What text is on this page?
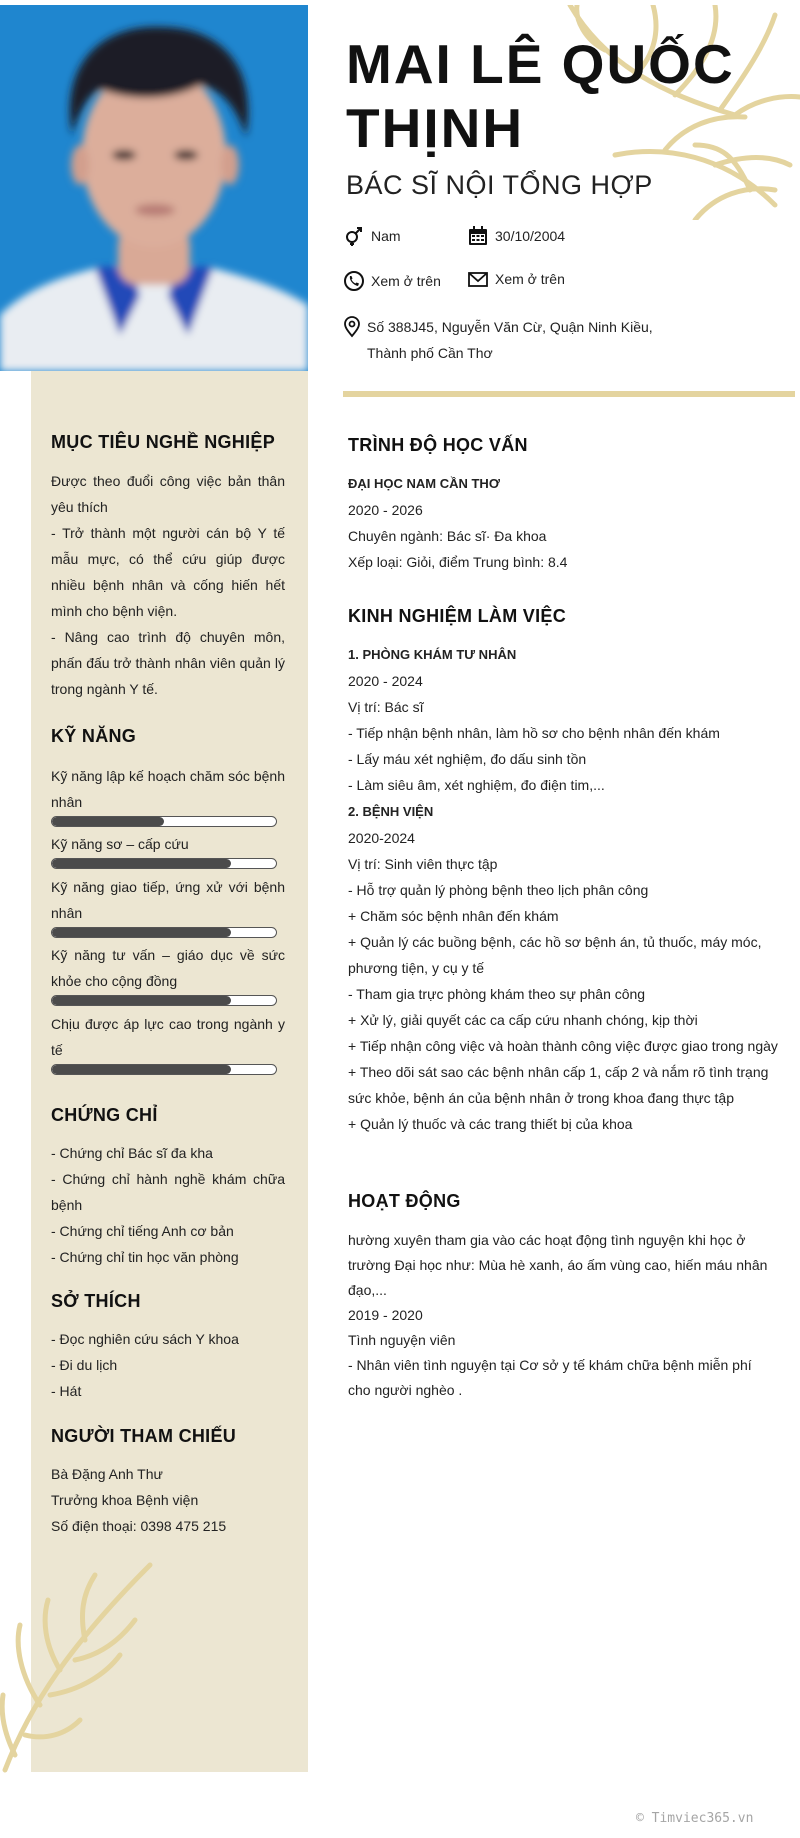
MAI LÊ QUỐC THỊNH
BÁC SĨ NỘI TỔNG HỢP
Nam	30/10/2004
Xem ở trên	Xem ở trên
Số 388J45, Nguyễn Văn Cừ, Quận Ninh Kiều, Thành phố Cần Thơ
MỤC TIÊU NGHỀ NGHIỆP
Được theo đuổi công việc bản thân yêu thích
- Trở thành một người cán bộ Y tế mẫu mực, có thể cứu giúp được nhiều bệnh nhân và cống hiến hết mình cho bệnh viện.
- Nâng cao trình độ chuyên môn, phấn đấu trở thành nhân viên quản lý trong ngành Y tế.
KỸ NĂNG
Kỹ năng lập kế hoạch chăm sóc bệnh nhân
Kỹ năng sơ – cấp cứu
Kỹ năng giao tiếp, ứng xử với bệnh nhân
Kỹ năng tư vấn – giáo dục về sức khỏe cho cộng đồng
Chịu được áp lực cao trong ngành y tế
CHỨNG CHỈ
- Chứng chỉ Bác sĩ đa kha
- Chứng chỉ hành nghề khám chữa bệnh
- Chứng chỉ tiếng Anh cơ bản
- Chứng chỉ tin học văn phòng
SỞ THÍCH
- Đọc nghiên cứu sách Y khoa
- Đi du lịch
- Hát
NGƯỜI THAM CHIẾU
Bà Đặng Anh Thư
Trưởng khoa Bệnh viện
Số điện thoại: 0398 475 215
TRÌNH ĐỘ HỌC VẤN
ĐẠI HỌC NAM CẦN THƠ
2020 - 2026
Chuyên ngành: Bác sĩ· Đa khoa
Xếp loại: Giỏi, điểm Trung bình: 8.4
KINH NGHIỆM LÀM VIỆC
1. PHÒNG KHÁM TƯ NHÂN
2020 - 2024
Vị trí: Bác sĩ
- Tiếp nhận bệnh nhân, làm hồ sơ cho bệnh nhân đến khám
- Lấy máu xét nghiệm, đo dấu sinh tồn
- Làm siêu âm, xét nghiệm, đo điện tim,...
2. BỆNH VIỆN
2020-2024
Vị trí: Sinh viên thực tập
- Hỗ trợ quản lý phòng bệnh theo lịch phân công
+ Chăm sóc bệnh nhân đến khám
+ Quản lý các buồng bệnh, các hồ sơ bệnh án, tủ thuốc, máy móc, phương tiện, y cụ y tế
- Tham gia trực phòng khám theo sự phân công
+ Xử lý, giải quyết các ca cấp cứu nhanh chóng, kịp thời
+ Tiếp nhận công việc và hoàn thành công việc được giao trong ngày
+ Theo dõi sát sao các bệnh nhân cấp 1, cấp 2 và nắm rõ tình trạng sức khỏe, bệnh án của bệnh nhân ở trong khoa đang thực tập
+ Quản lý thuốc và các trang thiết bị của khoa
HOẠT ĐỘNG
hường xuyên tham gia vào các hoạt động tình nguyện khi học ở trường Đại học như: Mùa hè xanh, áo ấm vùng cao, hiến máu nhân đạo,...
2019 - 2020
Tình nguyện viên
- Nhân viên tình nguyện tại Cơ sở y tế khám chữa bệnh miễn phí cho người nghèo .
© Timviec365.vn
